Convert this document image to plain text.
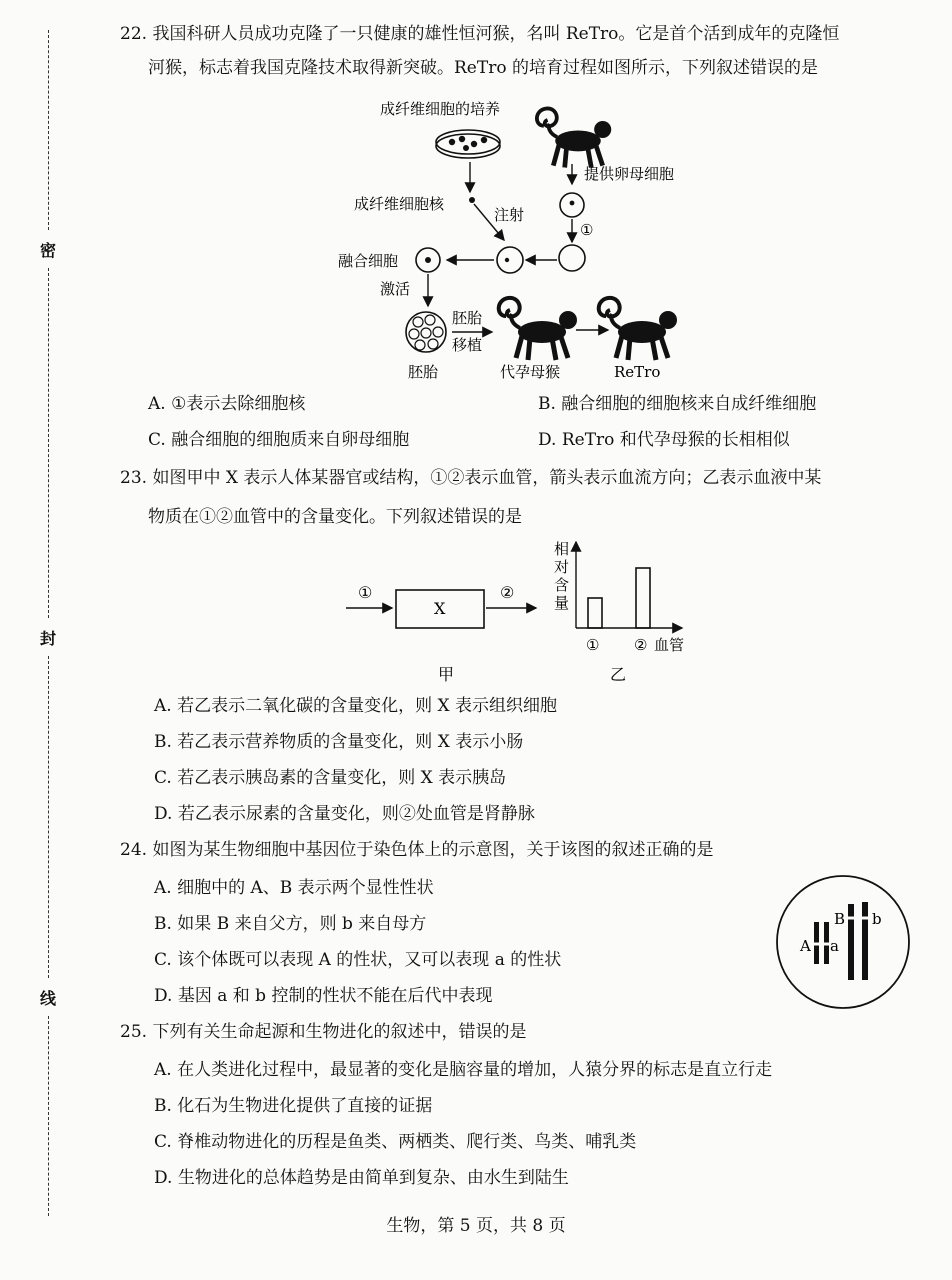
密
封
线
22. 我国科研人员成功克隆了一只健康的雄性恒河猴，名叫 ReTro。它是首个活到成年的克隆恒
河猴，标志着我国克隆技术取得新突破。ReTro 的培育过程如图所示，下列叙述错误的是
成纤维细胞的培养
提供卵母细胞
成纤维细胞核
注射
①
融合细胞
激活
胚胎
胚胎
移植
代孕母猴	ReTro
A. ①表示去除细胞核	B. 融合细胞的细胞核来自成纤维细胞
C. 融合细胞的细胞质来自卵母细胞	D. ReTro 和代孕母猴的长相相似
23. 如图甲中 X 表示人体某器官或结构，①②表示血管，箭头表示血流方向；乙表示血液中某
物质在①②血管中的含量变化。下列叙述错误的是
①
X
②
甲
相
对
含
量
① ② 血管
乙
A. 若乙表示二氧化碳的含量变化，则 X 表示组织细胞
B. 若乙表示营养物质的含量变化，则 X 表示小肠
C. 若乙表示胰岛素的含量变化，则 X 表示胰岛
D. 若乙表示尿素的含量变化，则②处血管是肾静脉
24. 如图为某生物细胞中基因位于染色体上的示意图，关于该图的叙述正确的是
A. 细胞中的 A、B 表示两个显性性状
B. 如果 B 来自父方，则 b 来自母方
C. 该个体既可以表现 A 的性状，又可以表现 a 的性状
D. 基因 a 和 b 控制的性状不能在后代中表现
A a
B b
25. 下列有关生命起源和生物进化的叙述中，错误的是
A. 在人类进化过程中，最显著的变化是脑容量的增加，人猿分界的标志是直立行走
B. 化石为生物进化提供了直接的证据
C. 脊椎动物进化的历程是鱼类、两栖类、爬行类、鸟类、哺乳类
D. 生物进化的总体趋势是由简单到复杂、由水生到陆生
生物，第 5 页，共 8 页
